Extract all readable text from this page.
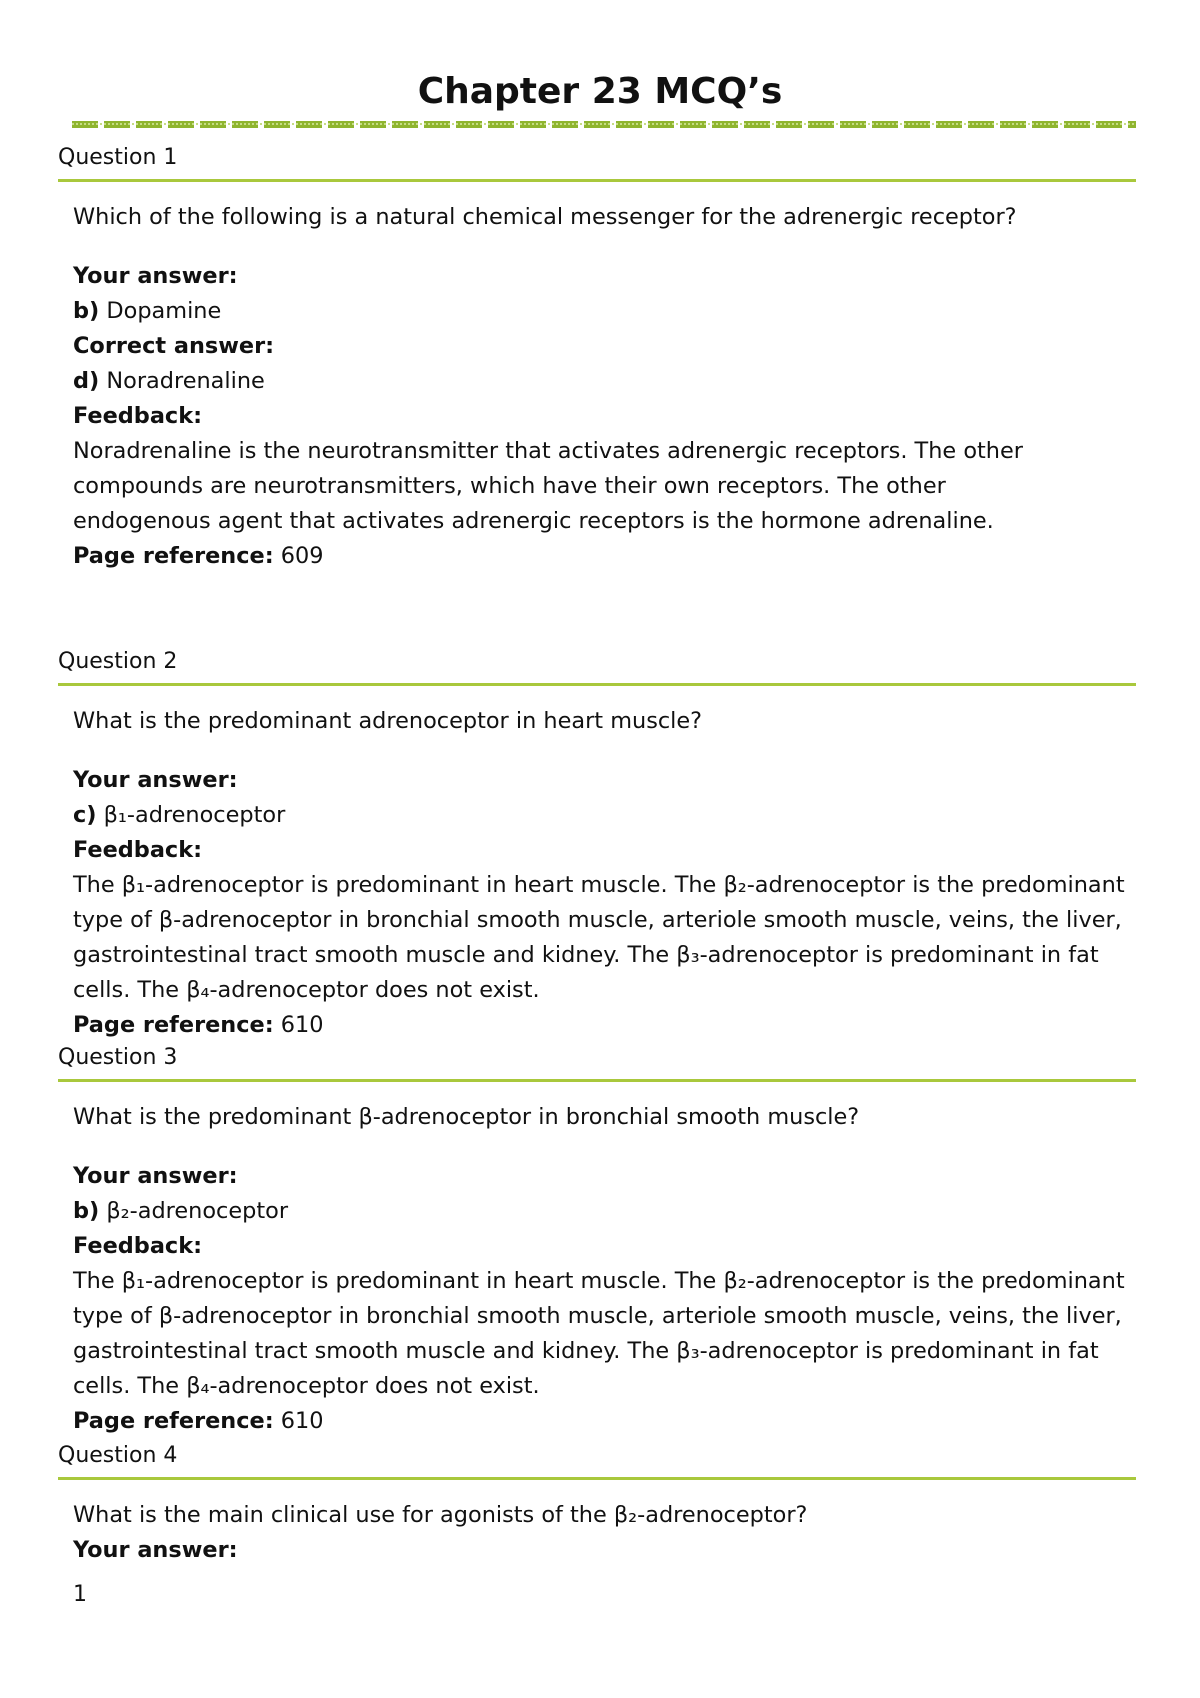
Chapter 23 MCQ’s
Question 1

Which of the following is a natural chemical messenger for the adrenergic receptor?

Your answer:

b) Dopamine

Correct answer:

d) Noradrenaline

Feedback:

Noradrenaline is the neurotransmitter that activates adrenergic receptors. The other compounds are neurotransmitters, which have their own receptors. The other endogenous agent that activates adrenergic receptors is the hormone adrenaline.

Page reference: 609

Question 2

What is the predominant adrenoceptor in heart muscle?

Your answer:

c) β₁-adrenoceptor

Feedback:

The β₁-adrenoceptor is predominant in heart muscle. The β₂-adrenoceptor is the predominant type of β-adrenoceptor in bronchial smooth muscle, arteriole smooth muscle, veins, the liver, gastrointestinal tract smooth muscle and kidney. The β₃-adrenoceptor is predominant in fat cells. The β₄-adrenoceptor does not exist.

Page reference: 610

Question 3

What is the predominant β-adrenoceptor in bronchial smooth muscle?

Your answer:

b) β₂-adrenoceptor

Feedback:

The β₁-adrenoceptor is predominant in heart muscle. The β₂-adrenoceptor is the predominant type of β-adrenoceptor in bronchial smooth muscle, arteriole smooth muscle, veins, the liver, gastrointestinal tract smooth muscle and kidney. The β₃-adrenoceptor is predominant in fat cells. The β₄-adrenoceptor does not exist.

Page reference: 610

Question 4

What is the main clinical use for agonists of the β₂-adrenoceptor?

Your answer:

1
